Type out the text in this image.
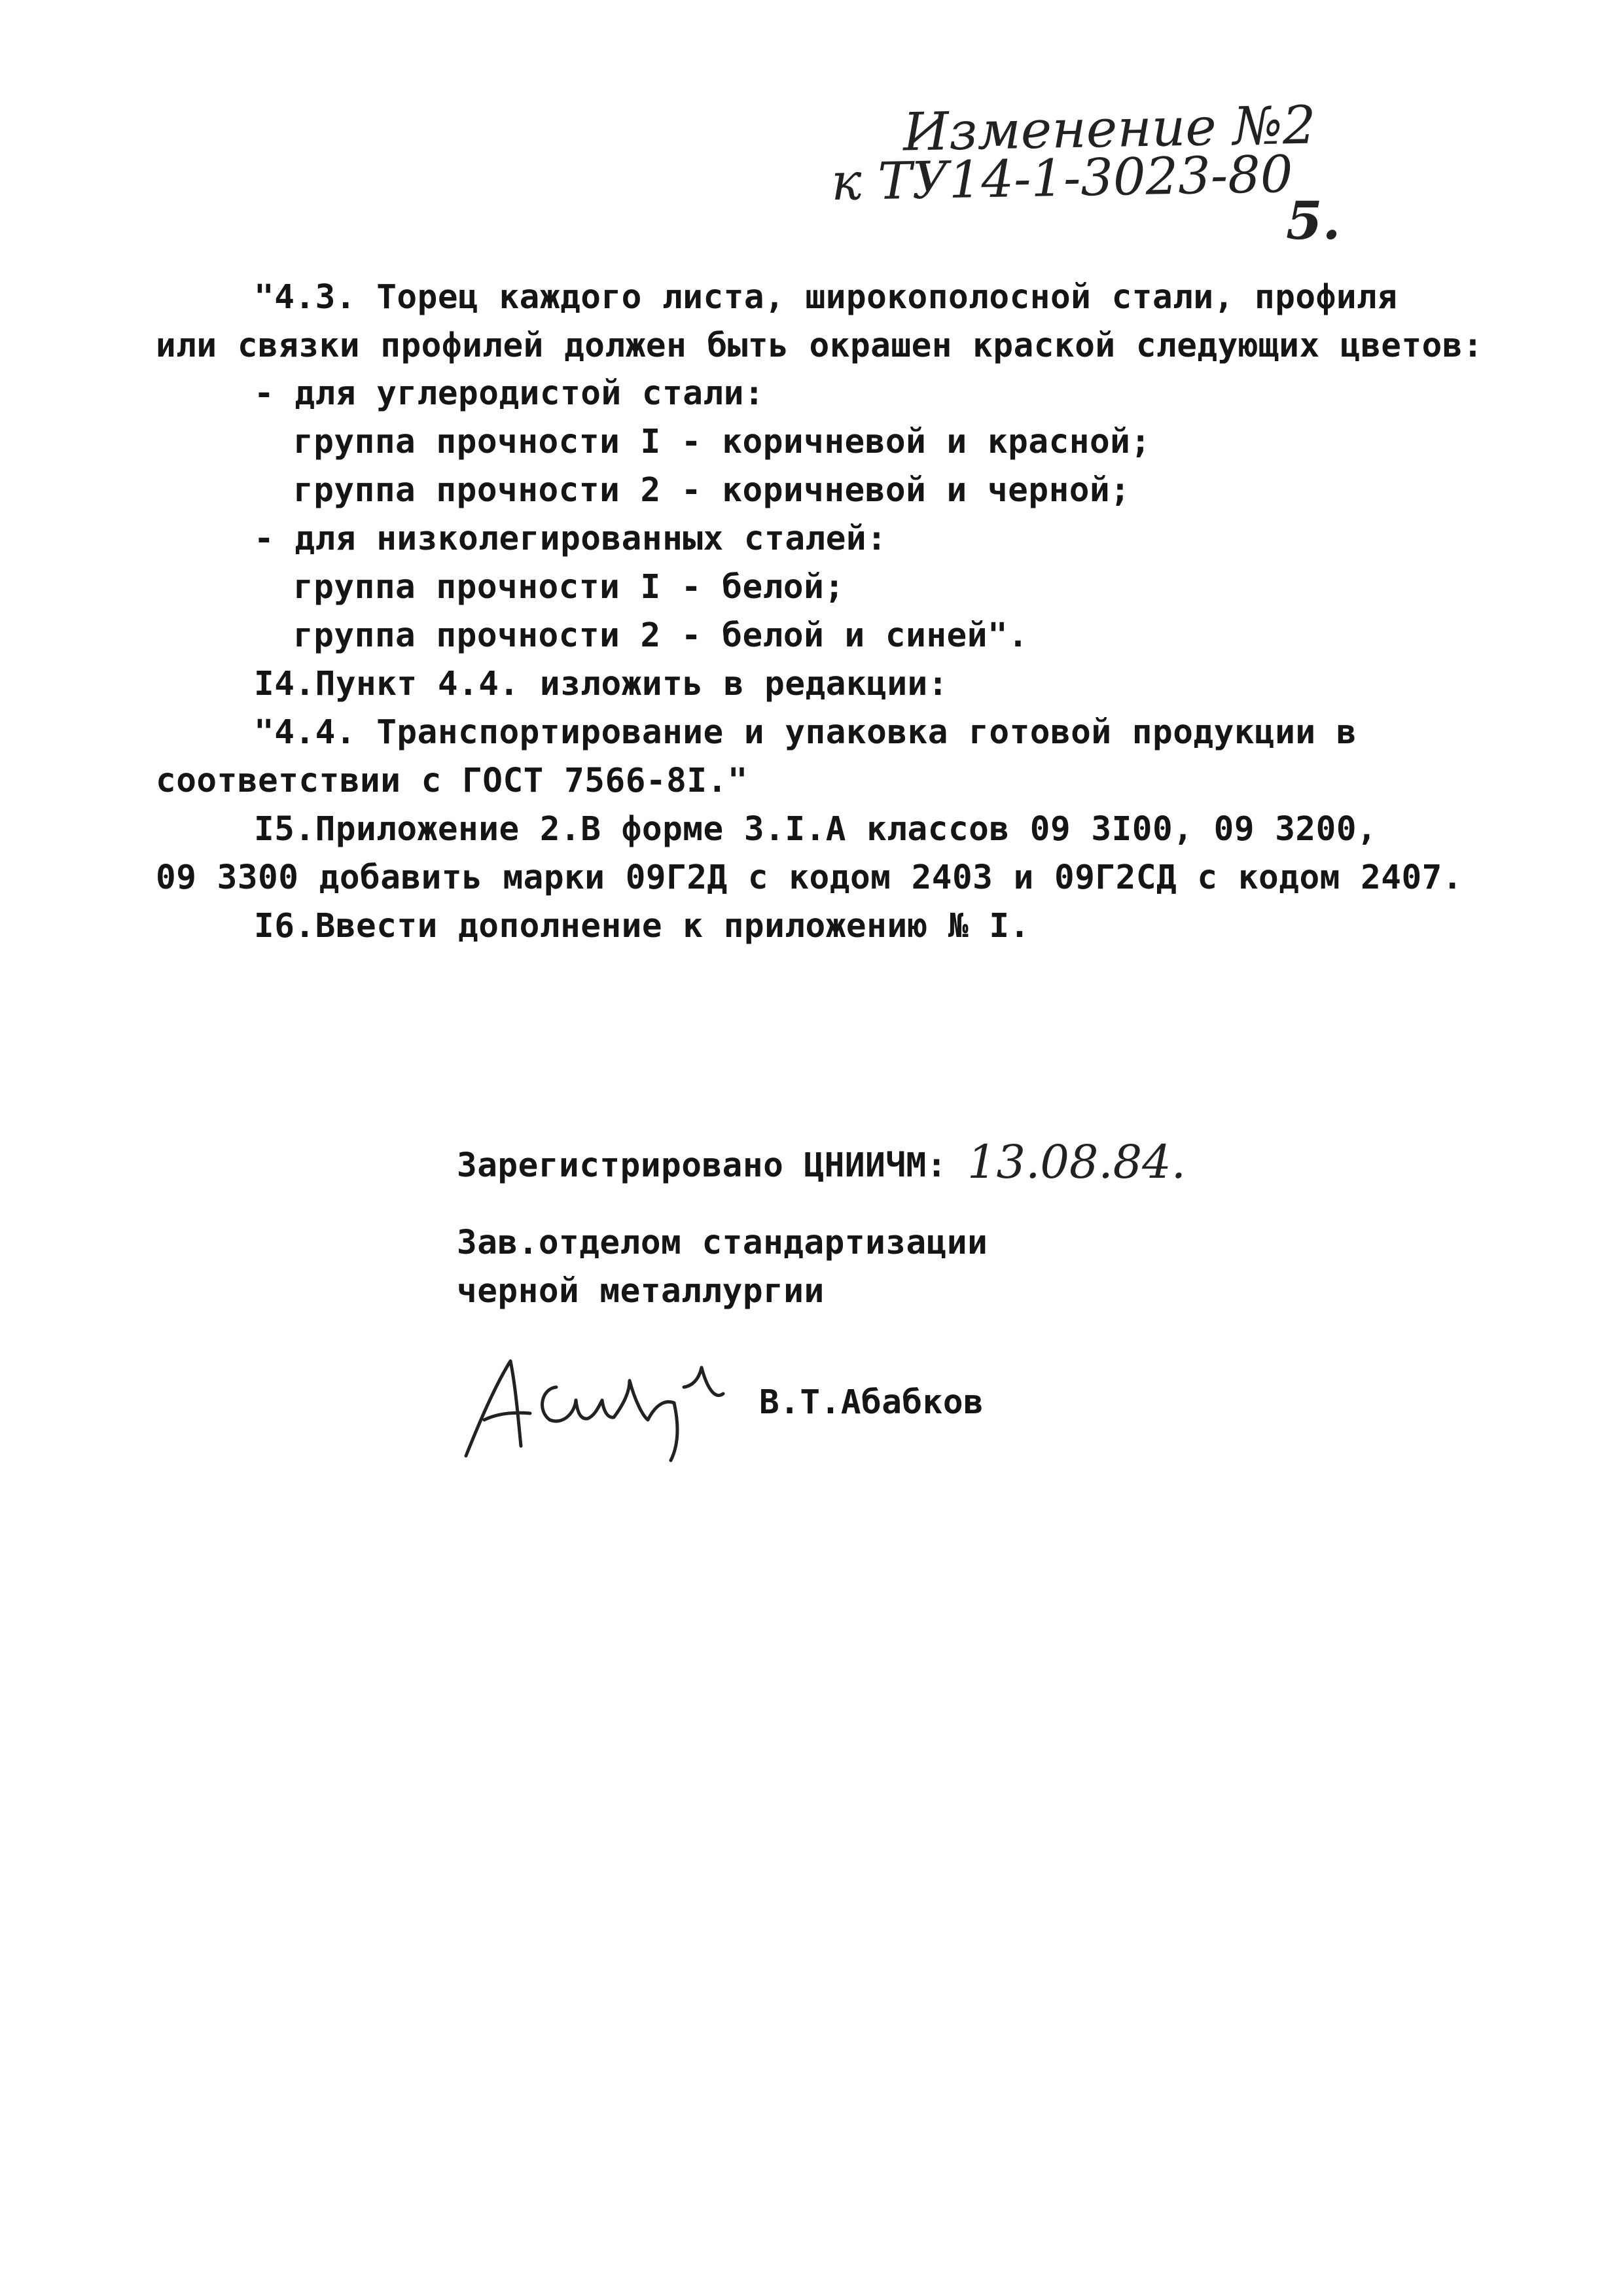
Изменение №2
к ТУ14-1-3023-80
5.
"4.3. Торец каждого листа, широкополосной стали, профиля
или связки профилей должен быть окрашен краской следующих цветов:
- для углеродистой стали:
группа прочности I - коричневой и красной;
группа прочности 2 - коричневой и черной;
- для низколегированных сталей:
группа прочности I - белой;
группа прочности 2 - белой и синей".
I4.Пункт 4.4. изложить в редакции:
"4.4. Транспортирование и упаковка готовой продукции в
соответствии с ГОСТ 7566-8I."
I5.Приложение 2.В форме 3.I.А классов 09 3I00, 09 3200,
09 3300 добавить марки 09Г2Д с кодом 2403 и 09Г2СД с кодом 2407.
I6.Ввести дополнение к приложению № I.
Зарегистрировано ЦНИИЧМ: 13.08.84.
Зав.отделом стандартизации
черной металлургии
В.Т.Абабков
